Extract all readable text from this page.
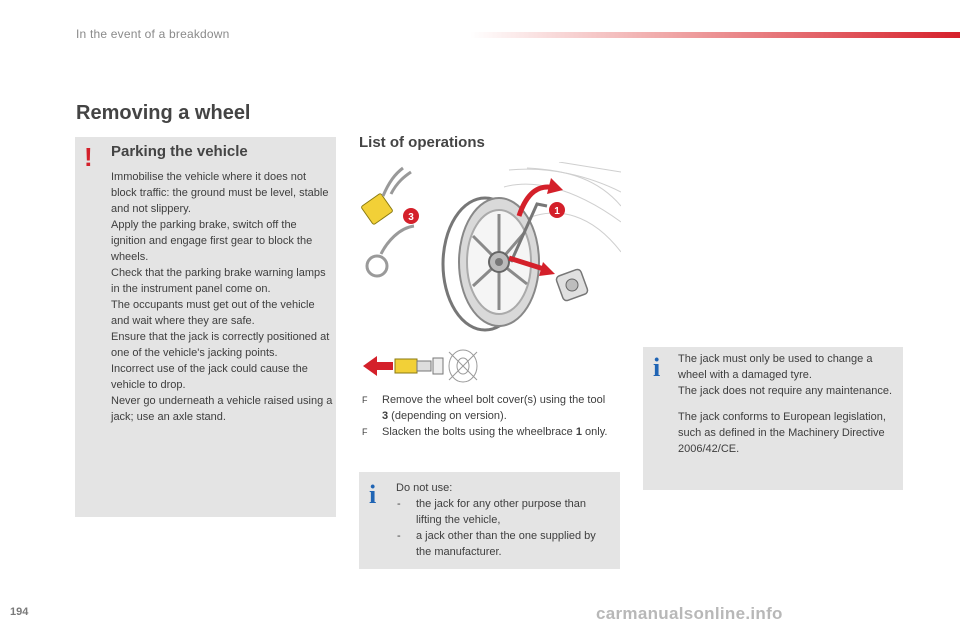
In the event of a breakdown
Removing a wheel
! Parking the vehicle

Immobilise the vehicle where it does not block traffic: the ground must be level, stable and not slippery.

Apply the parking brake, switch off the ignition and engage first gear to block the wheels.

Check that the parking brake warning lamps in the instrument panel come on.

The occupants must get out of the vehicle and wait where they are safe.

Ensure that the jack is correctly positioned at one of the vehicle's jacking points.

Incorrect use of the jack could cause the vehicle to drop.

Never go underneath a vehicle raised using a jack; use an axle stand.

List of operations
3
1
F Remove the wheel bolt cover(s) using the tool 3 (depending on version).
F Slacken the bolts using the wheelbrace 1 only.
i Do not use:

- the jack for any other purpose than lifting the vehicle,
- a jack other than the one supplied by the manufacturer.
i The jack must only be used to change a wheel with a damaged tyre.

The jack does not require any maintenance.

The jack conforms to European legislation, such as defined in the Machinery Directive 2006/42/CE.

194	carmanualsonline.info
